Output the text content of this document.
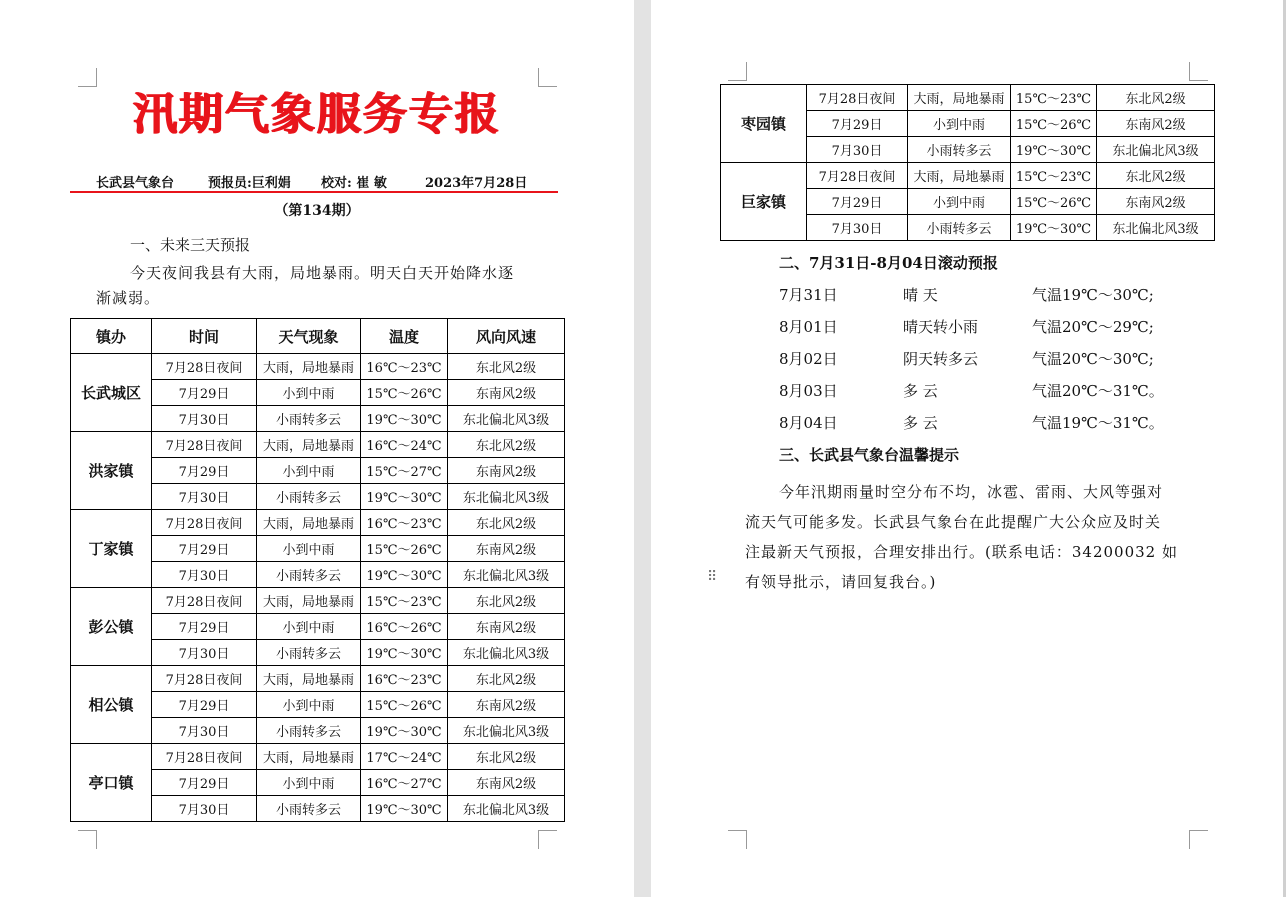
汛期气象服务专报
长武县气象台	预报员:巨利娟 校对: 崔 敏	2023年7月28日
（第134期）
一、未来三天预报
今天夜间我县有大雨，局地暴雨。明天白天开始降水逐
渐减弱。
镇办	时间	天气现象	温度	风向风速
长武城区	7月28日夜间	大雨，局地暴雨	16℃～23℃	东北风2级
	7月29日	小到中雨	15℃～26℃	东南风2级
	7月30日	小雨转多云	19℃～30℃	东北偏北风3级
洪家镇	7月28日夜间	大雨，局地暴雨	16℃～24℃	东北风2级
	7月29日	小到中雨	15℃～27℃	东南风2级
	7月30日	小雨转多云	19℃～30℃	东北偏北风3级
丁家镇	7月28日夜间	大雨，局地暴雨	16℃～23℃	东北风2级
	7月29日	小到中雨	15℃～26℃	东南风2级
	7月30日	小雨转多云	19℃～30℃	东北偏北风3级
彭公镇	7月28日夜间	大雨，局地暴雨	15℃～23℃	东北风2级
	7月29日	小到中雨	16℃～26℃	东南风2级
	7月30日	小雨转多云	19℃～30℃	东北偏北风3级
相公镇	7月28日夜间	大雨，局地暴雨	16℃～23℃	东北风2级
	7月29日	小到中雨	15℃～26℃	东南风2级
	7月30日	小雨转多云	19℃～30℃	东北偏北风3级
亭口镇	7月28日夜间	大雨，局地暴雨	17℃～24℃	东北风2级
	7月29日	小到中雨	16℃～27℃	东南风2级
	7月30日	小雨转多云	19℃～30℃	东北偏北风3级
枣园镇	7月28日夜间	大雨，局地暴雨	15℃～23℃	东北风2级
	7月29日	小到中雨	15℃～26℃	东南风2级
	7月30日	小雨转多云	19℃～30℃	东北偏北风3级
巨家镇	7月28日夜间	大雨，局地暴雨	15℃～23℃	东北风2级
	7月29日	小到中雨	15℃～26℃	东南风2级
	7月30日	小雨转多云	19℃～30℃	东北偏北风3级
二、7月31日-8月04日滚动预报
7月31日	晴 天	气温19℃～30℃;
8月01日	晴天转小雨	气温20℃～29℃;
8月02日	阴天转多云	气温20℃～30℃;
8月03日	多 云	气温20℃～31℃。
8月04日	多 云	气温19℃～31℃。
三、长武县气象台温馨提示
今年汛期雨量时空分布不均，冰雹、雷雨、大风等强对
流天气可能多发。长武县气象台在此提醒广大公众应及时关
注最新天气预报，合理安排出行。(联系电话：34200032 如
有领导批示，请回复我台。)
⠿
